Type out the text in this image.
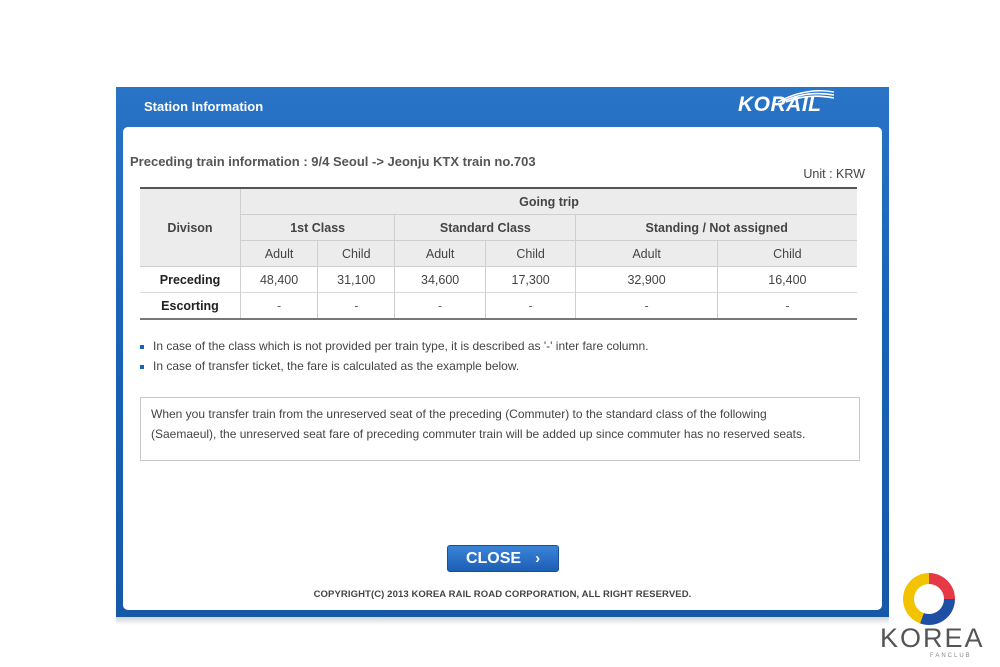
Station Information	KORAIL
Preceding train information : 9/4 Seoul -> Jeonju KTX train no.703
Unit : KRW
Divison	Going trip					
	1st Class		Standard Class		Standing / Not assigned	
	Adult	Child	Adult	Child	Adult	Child
Preceding	48,400	31,100	34,600	17,300	32,900	16,400
Escorting	-	-	-	-	-	-
In case of the class which is not provided per train type, it is described as '-' inter fare column.
In case of transfer ticket, the fare is calculated as the example below.
When you transfer train from the unreserved seat of the preceding (Commuter) to the standard class of the following
(Saemaeul), the unreserved seat fare of preceding commuter train will be added up since commuter has no reserved seats.
CLOSE ›
COPYRIGHT(C) 2013 KOREA RAIL ROAD CORPORATION, ALL RIGHT RESERVED.
KOREA
FANCLUB
